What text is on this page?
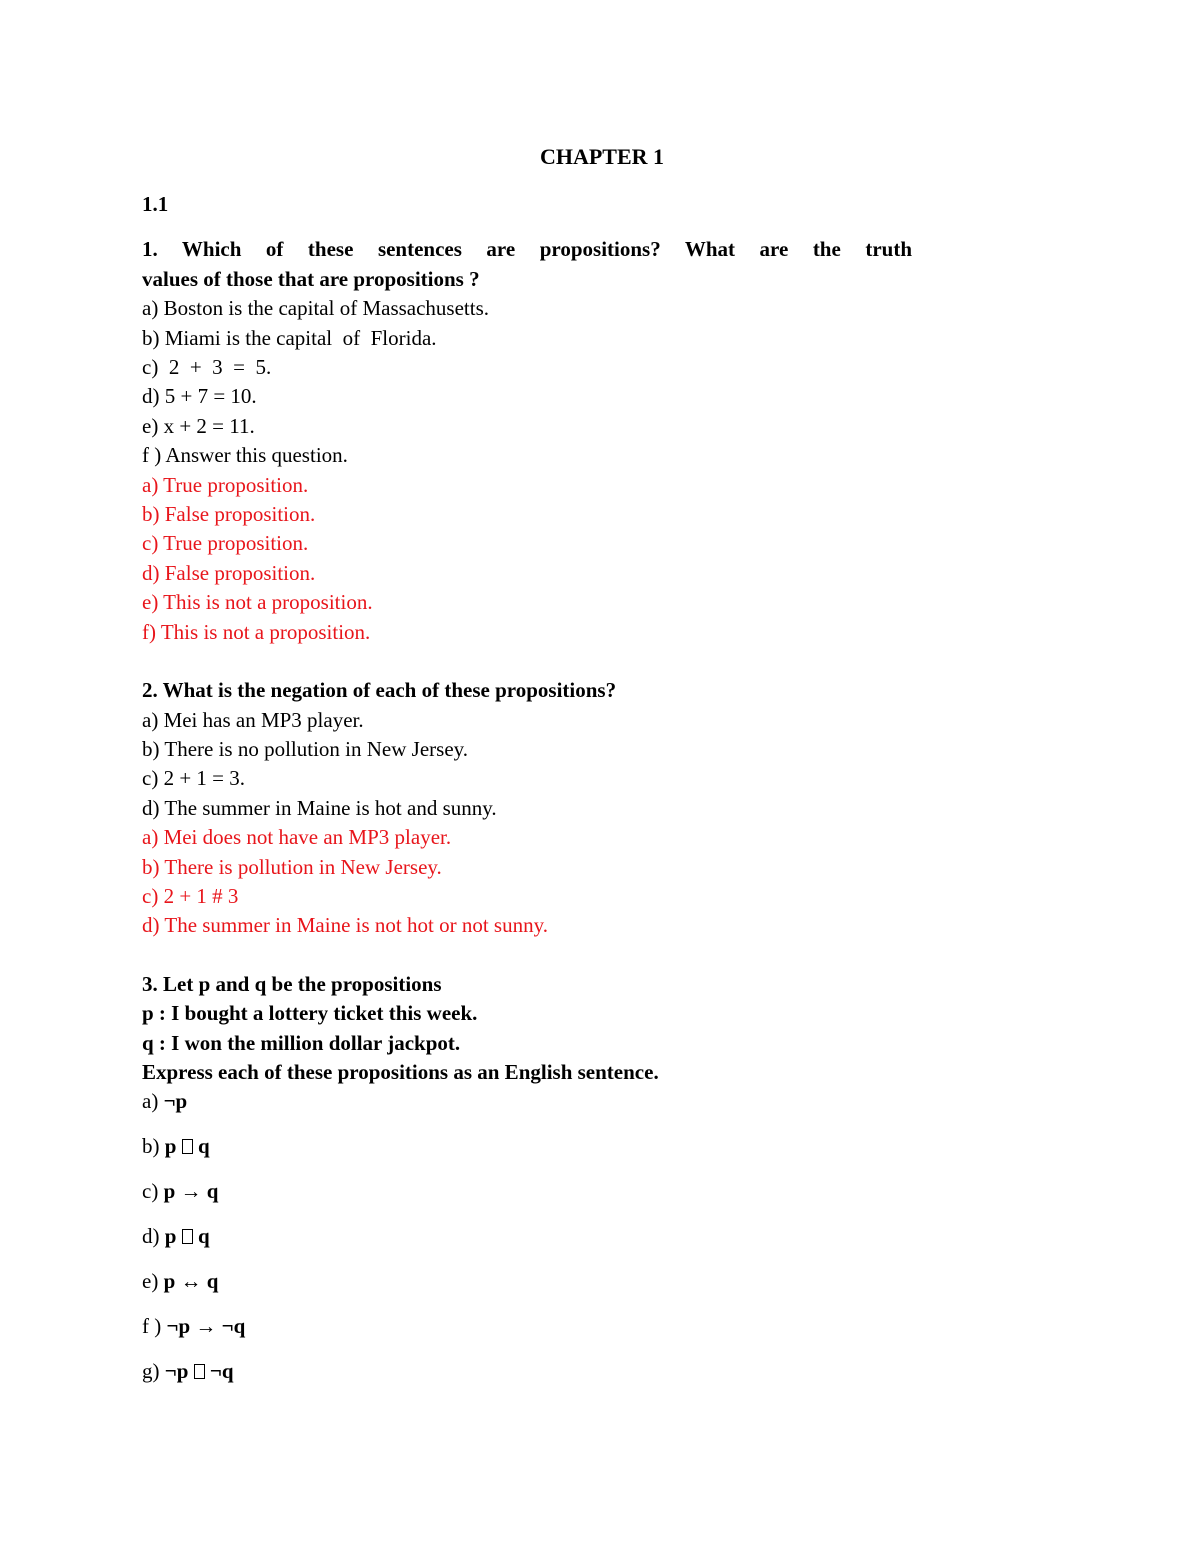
CHAPTER 1

1.1

1. Which of these sentences are propositions? What are the truth

values of those that are propositions ?

a) Boston is the capital of Massachusetts.

b) Miami is the capital  of  Florida.

c)  2  +  3  =  5.

d) 5 + 7 = 10.

e) x + 2 = 11.

f ) Answer this question.

a) True proposition.

b) False proposition.

c) True proposition.

d) False proposition.

e) This is not a proposition.

f) This is not a proposition.

2. What is the negation of each of these propositions?

a) Mei has an MP3 player.

b) There is no pollution in New Jersey.

c) 2 + 1 = 3.

d) The summer in Maine is hot and sunny.

a) Mei does not have an MP3 player.

b) There is pollution in New Jersey.

c) 2 + 1 # 3

d) The summer in Maine is not hot or not sunny.

3. Let p and q be the propositions

p : I bought a lottery ticket this week.

q : I won the million dollar jackpot.

Express each of these propositions as an English sentence.

a) ¬p

b) p  q

c) p → q

d) p  q

e) p ↔ q

f ) ¬p → ¬q

g) ¬p  ¬q
